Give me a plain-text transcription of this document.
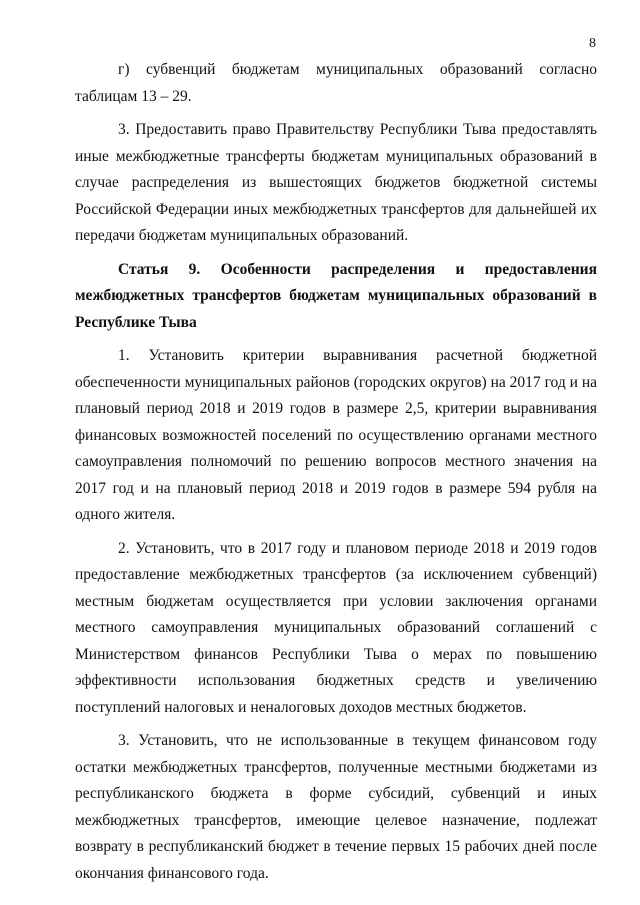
8

г) субвенций бюджетам муниципальных образований согласно таблицам 13 – 29.

3. Предоставить право Правительству Республики Тыва предоставлять иные межбюджетные трансферты бюджетам муниципальных образований в случае распределения из вышестоящих бюджетов бюджетной системы Российской Федерации иных межбюджетных трансфертов для дальнейшей их передачи бюджетам муниципальных образований.

Статья 9. Особенности распределения и предоставления межбюджетных трансфертов бюджетам муниципальных образований в Республике Тыва

1. Установить критерии выравнивания расчетной бюджетной обеспеченности муниципальных районов (городских округов) на 2017 год и на плановый период 2018 и 2019 годов в размере 2,5, критерии выравнивания финансовых возможностей поселений по осуществлению органами местного самоуправления полномочий по решению вопросов местного значения на 2017 год и на плановый период 2018 и 2019 годов в размере 594 рубля на одного жителя.

2. Установить, что в 2017 году и плановом периоде 2018 и 2019 годов предоставление межбюджетных трансфертов (за исключением субвенций) местным бюджетам осуществляется при условии заключения органами местного самоуправления муниципальных образований соглашений с Министерством финансов Республики Тыва о мерах по повышению эффективности использования бюджетных средств и увеличению поступлений налоговых и неналоговых доходов местных бюджетов.

3. Установить, что не использованные в текущем финансовом году остатки межбюджетных трансфертов, полученные местными бюджетами из республиканского бюджета в форме субсидий, субвенций и иных межбюджетных трансфертов, имеющие целевое назначение, подлежат возврату в республиканский бюджет в течение первых 15 рабочих дней после окончания финансового года.
